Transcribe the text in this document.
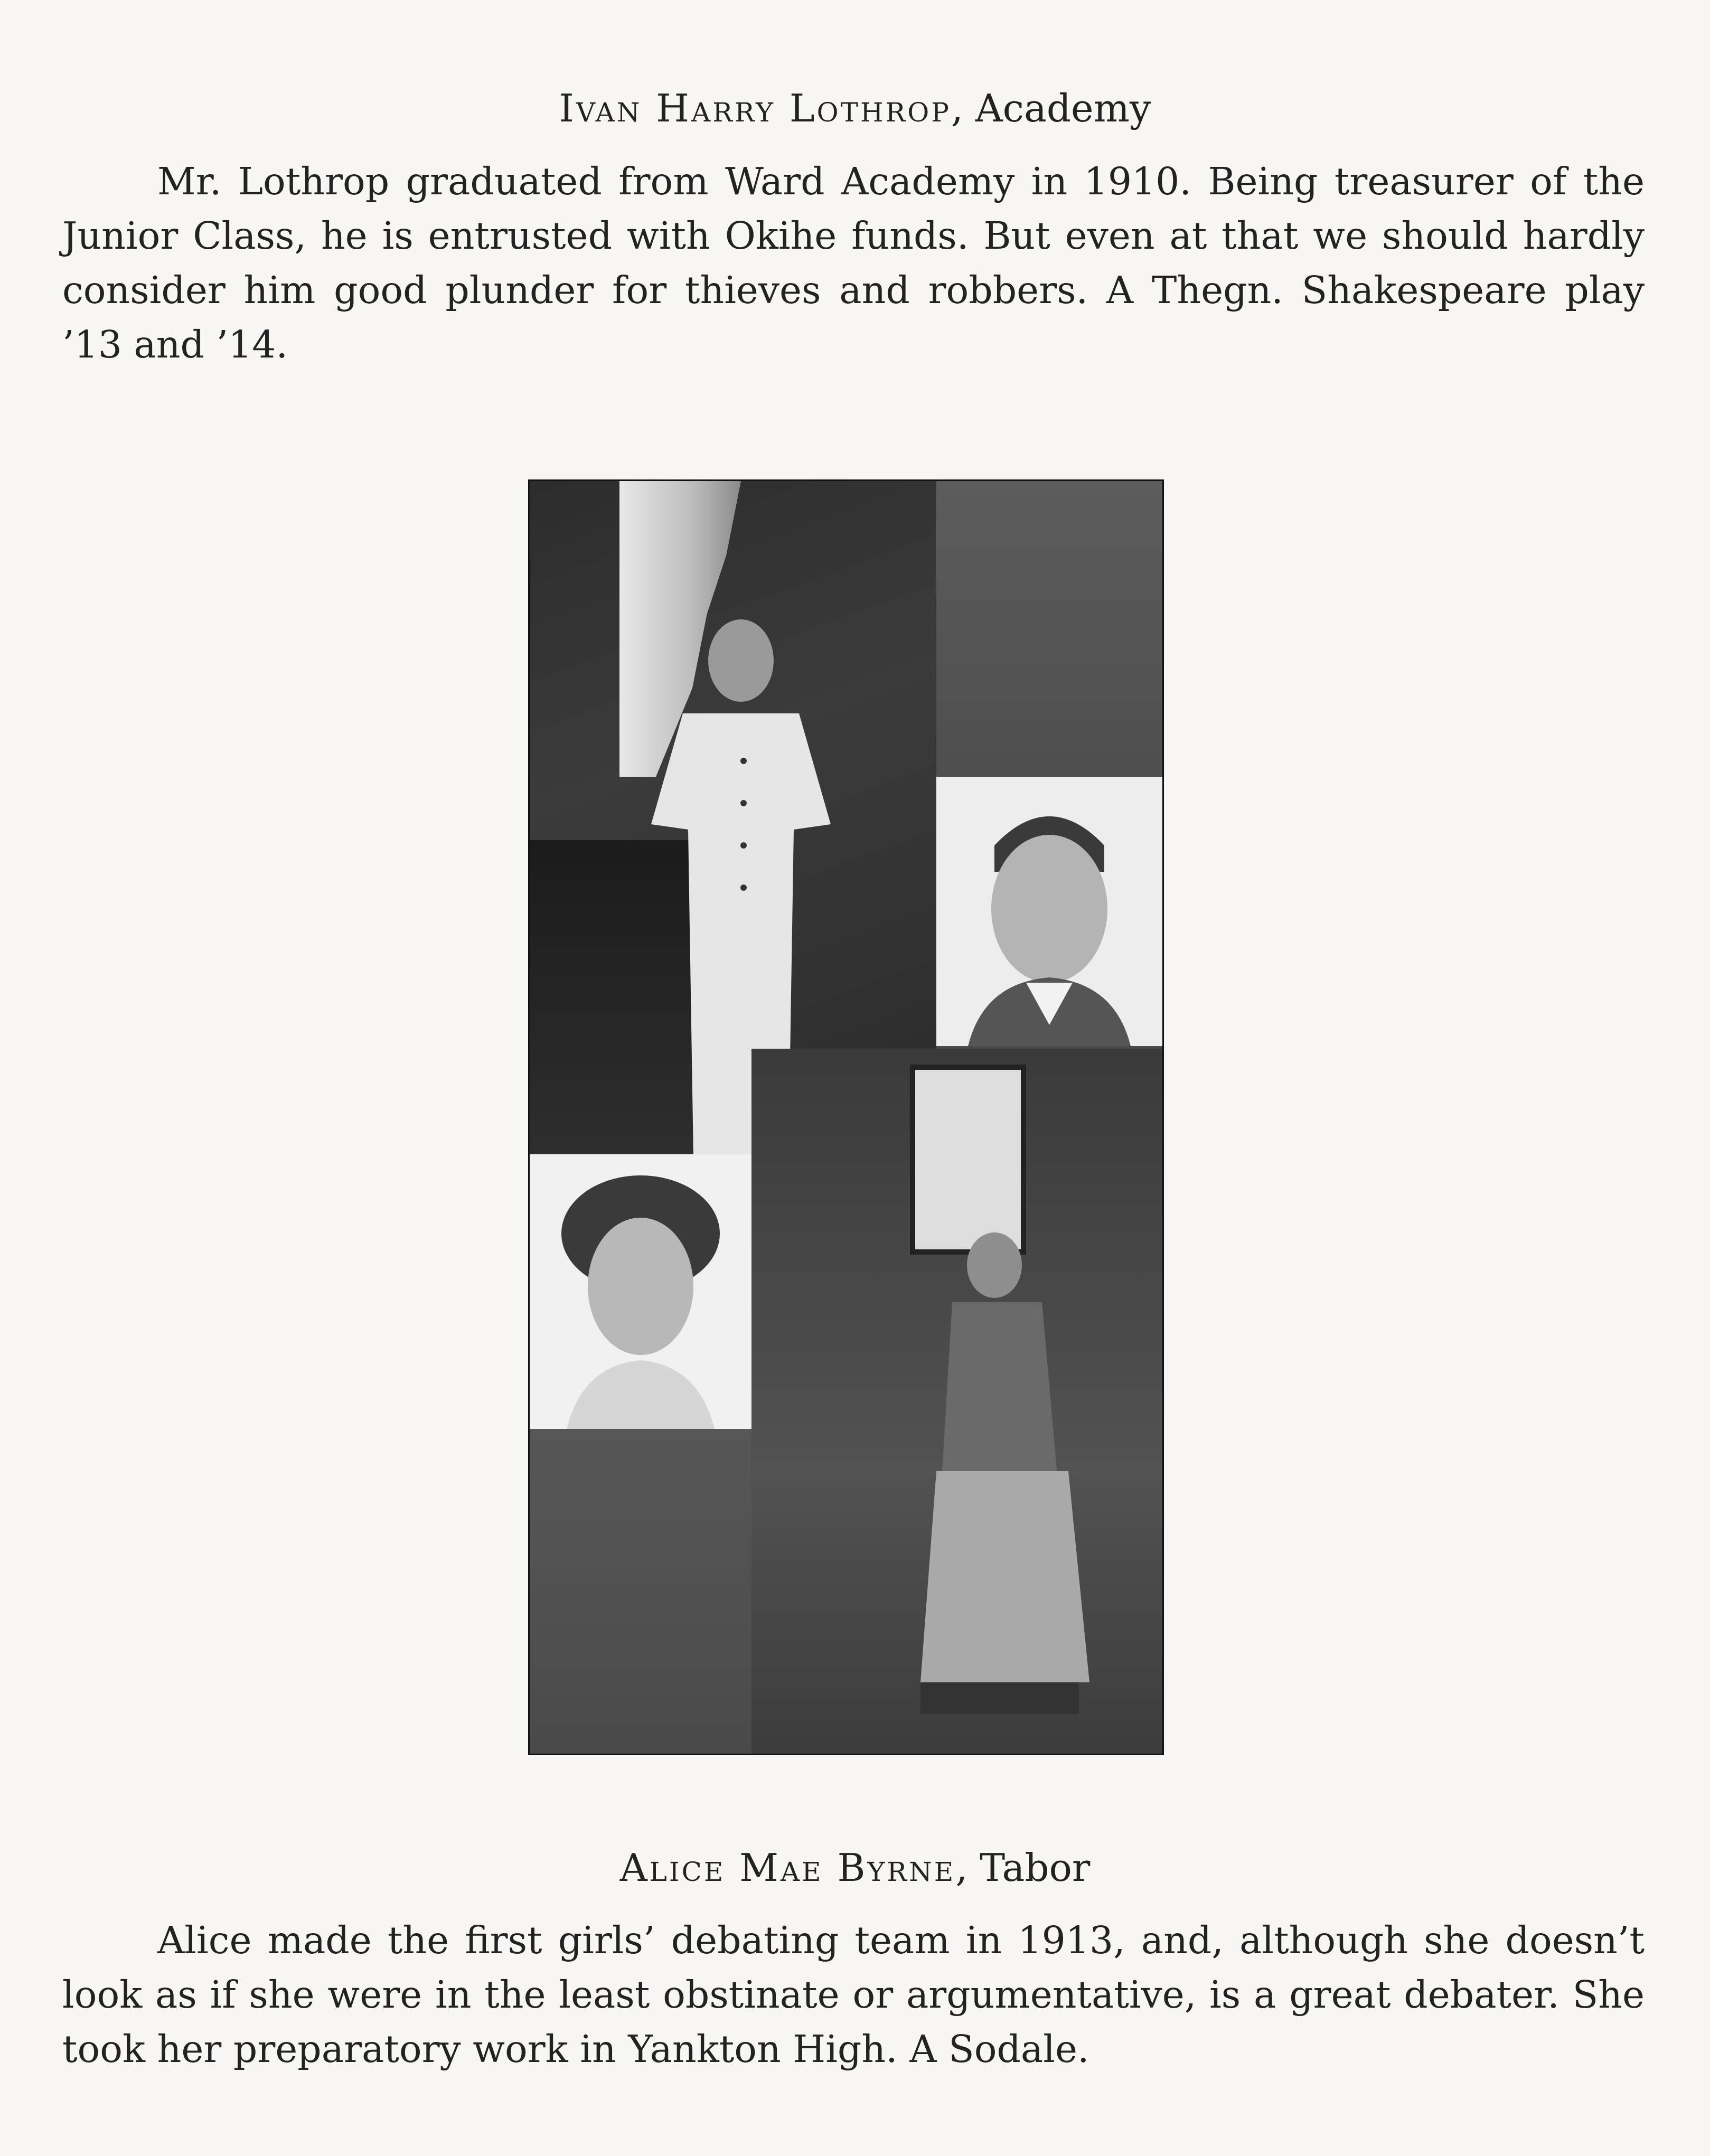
Ivan Harry Lothrop, Academy
Mr. Lothrop graduated from Ward Academy in 1910. Being treasurer of the Junior Class, he is entrusted with Okihe funds. But even at that we should hardly consider him good plunder for thieves and robbers. A Thegn. Shakespeare play ’13 and ’14.
Alice Mae Byrne, Tabor
Alice made the first girls’ debating team in 1913, and, although she doesn’t look as if she were in the least obstinate or argumentative, is a great debater. She took her preparatory work in Yankton High. A Sodale.
